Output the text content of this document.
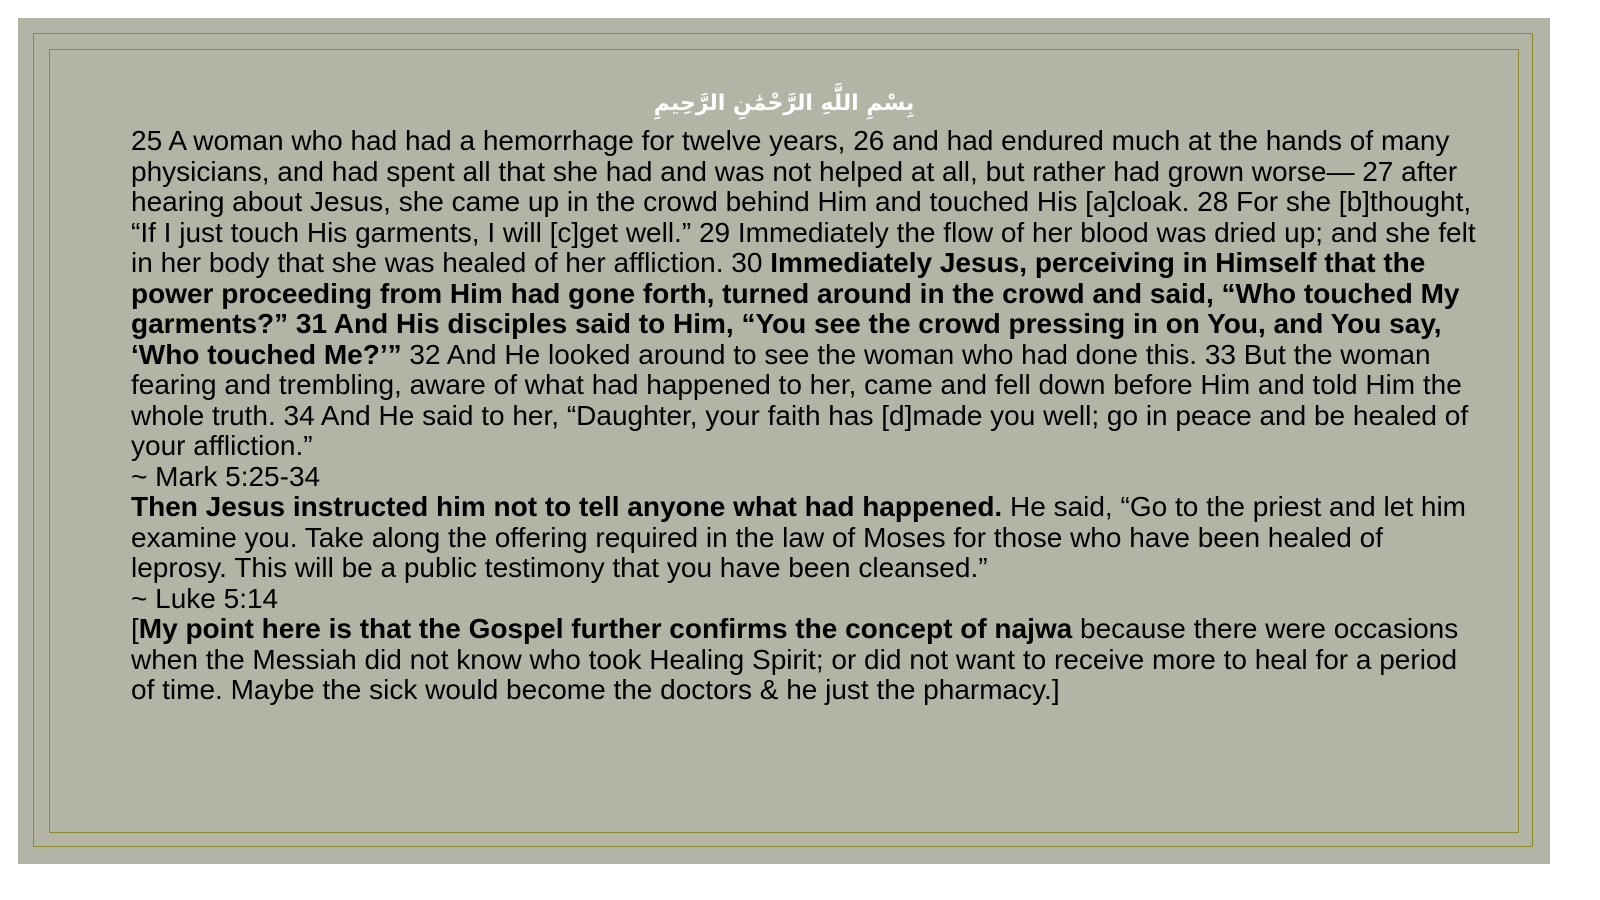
بِسْمِ اللَّهِ الرَّحْمَٰنِ الرَّحِيمِ

25 A woman who had had a hemorrhage for twelve years, 26 and had endured much at the hands of many physicians, and had spent all that she had and was not helped at all, but rather had grown worse— 27 after hearing about Jesus, she came up in the crowd behind Him and touched His [a]cloak. 28 For she [b]thought, “If I just touch His garments, I will [c]get well.” 29 Immediately the flow of her blood was dried up; and she felt in her body that she was healed of her affliction. 30 Immediately Jesus, perceiving in Himself that the power proceeding from Him had gone forth, turned around in the crowd and said, “Who touched My garments?” 31 And His disciples said to Him, “You see the crowd pressing in on You, and You say, ‘Who touched Me?’” 32 And He looked around to see the woman who had done this. 33 But the woman fearing and trembling, aware of what had happened to her, came and fell down before Him and told Him the whole truth. 34 And He said to her, “Daughter, your faith has [d]made you well; go in peace and be healed of your affliction.”

~ Mark 5:25-34

Then Jesus instructed him not to tell anyone what had happened. He said, “Go to the priest and let him examine you. Take along the offering required in the law of Moses for those who have been healed of leprosy. This will be a public testimony that you have been cleansed.”

~ Luke 5:14

[My point here is that the Gospel further confirms the concept of najwa because there were occasions when the Messiah did not know who took Healing Spirit; or did not want to receive more to heal for a period of time. Maybe the sick would become the doctors & he just the pharmacy.]
